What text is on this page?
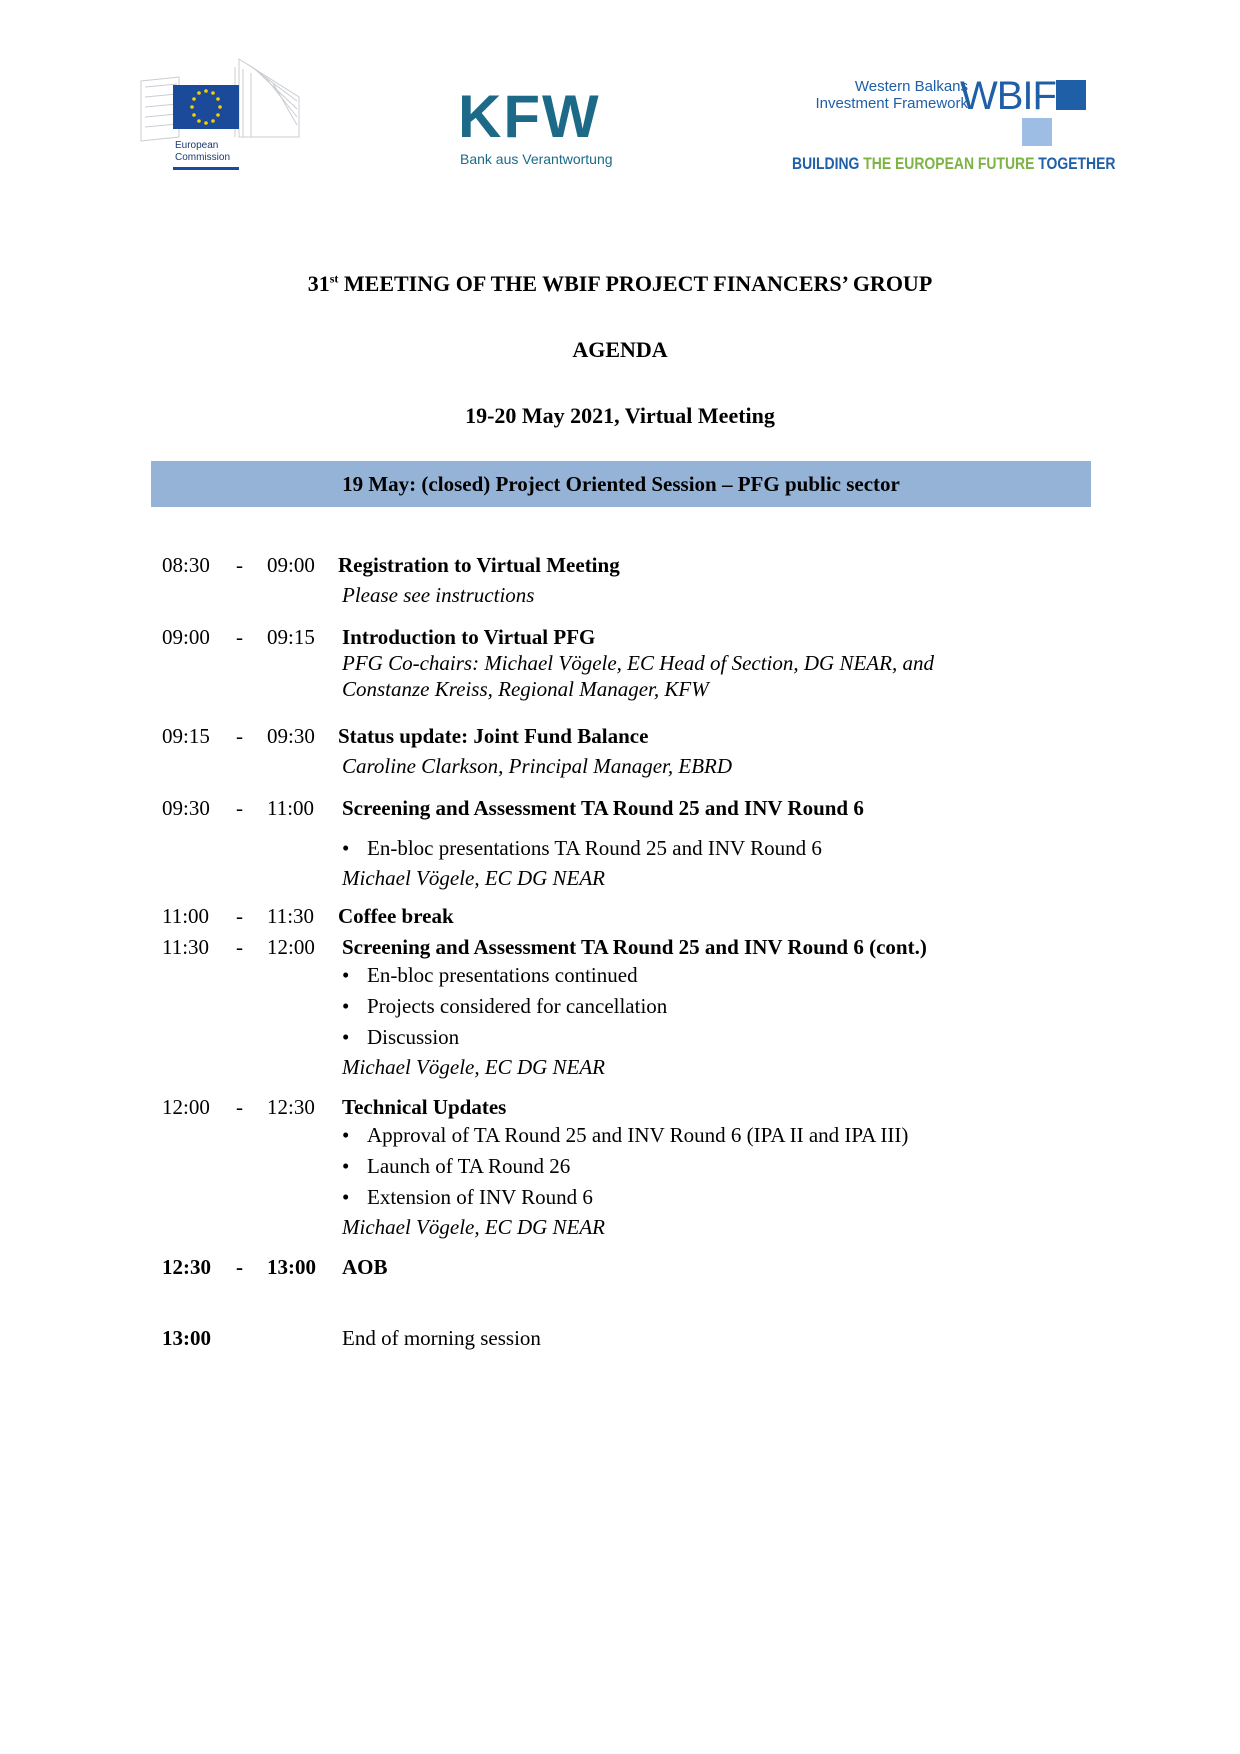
European
Commission
KFW
Bank aus Verantwortung
Western Balkans
Investment Framework
WBIF
BUILDING THE EUROPEAN FUTURE TOGETHER
31st MEETING OF THE WBIF PROJECT FINANCERS’ GROUP
AGENDA
19-20 May 2021, Virtual Meeting
19 May: (closed) Project Oriented Session – PFG public sector
08:30 - 09:00 Registration to Virtual Meeting
Please see instructions
09:00 - 09:15 Introduction to Virtual PFG
PFG Co-chairs: Michael Vögele, EC Head of Section, DG NEAR, and
Constanze Kreiss, Regional Manager, KFW
09:15 - 09:30 Status update: Joint Fund Balance
Caroline Clarkson, Principal Manager, EBRD
09:30 - 11:00 Screening and Assessment TA Round 25 and INV Round 6
• En-bloc presentations TA Round 25 and INV Round 6
Michael Vögele, EC DG NEAR
11:00 - 11:30 Coffee break
11:30 - 12:00 Screening and Assessment TA Round 25 and INV Round 6 (cont.)
• En-bloc presentations continued
• Projects considered for cancellation
• Discussion
Michael Vögele, EC DG NEAR
12:00 - 12:30 Technical Updates
• Approval of TA Round 25 and INV Round 6 (IPA II and IPA III)
• Launch of TA Round 26
• Extension of INV Round 6
Michael Vögele, EC DG NEAR
12:30 - 13:00 AOB
13:00	End of morning session
